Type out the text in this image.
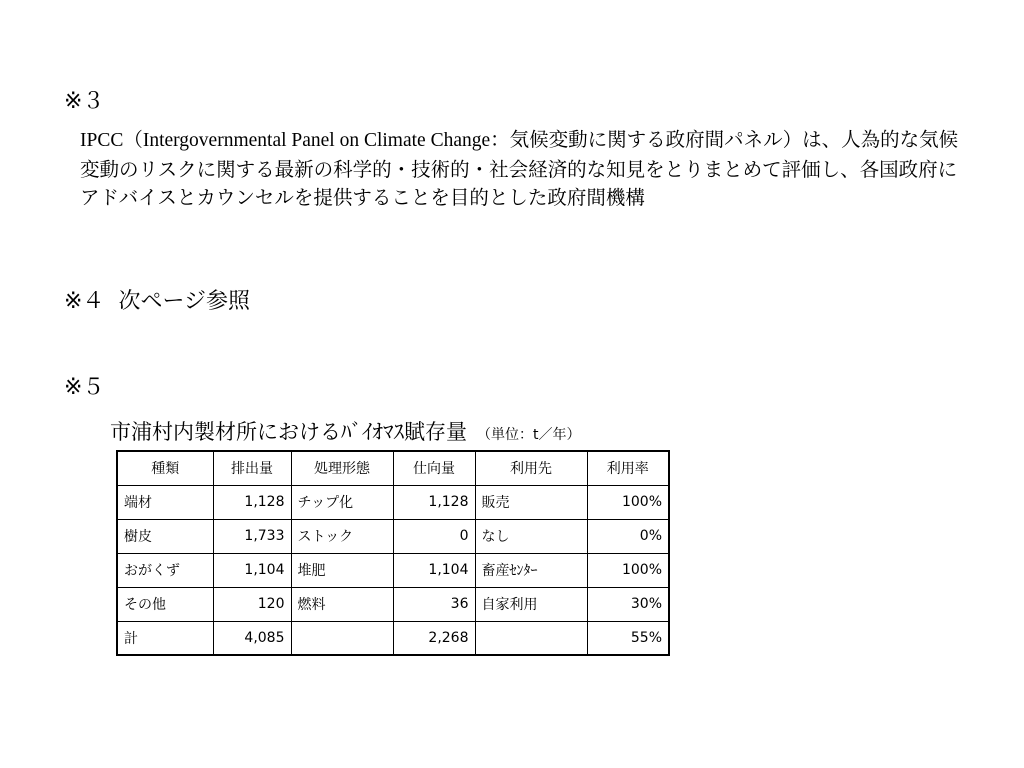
※３
IPCC（Intergovernmental Panel on Climate Change：気候変動に関する政府間パネル）は、人為的な気候変動のリスクに関する最新の科学的・技術的・社会経済的な知見をとりまとめて評価し、各国政府にアドバイスとカウンセルを提供することを目的とした政府間機構
※４ 次ページ参照
※５
市浦村内製材所におけるﾊﾞｲｵﾏｽ賦存量 （単位：t／年）
種類	排出量	処理形態	仕向量	利用先	利用率
端材	1,128	チップ化	1,128	販売	100%
樹皮	1,733	ストック	0	なし	0%
おがくず	1,104	堆肥	1,104	畜産ｾﾝﾀｰ	100%
その他	120	燃料	36	自家利用	30%
計	4,085		2,268		55%
